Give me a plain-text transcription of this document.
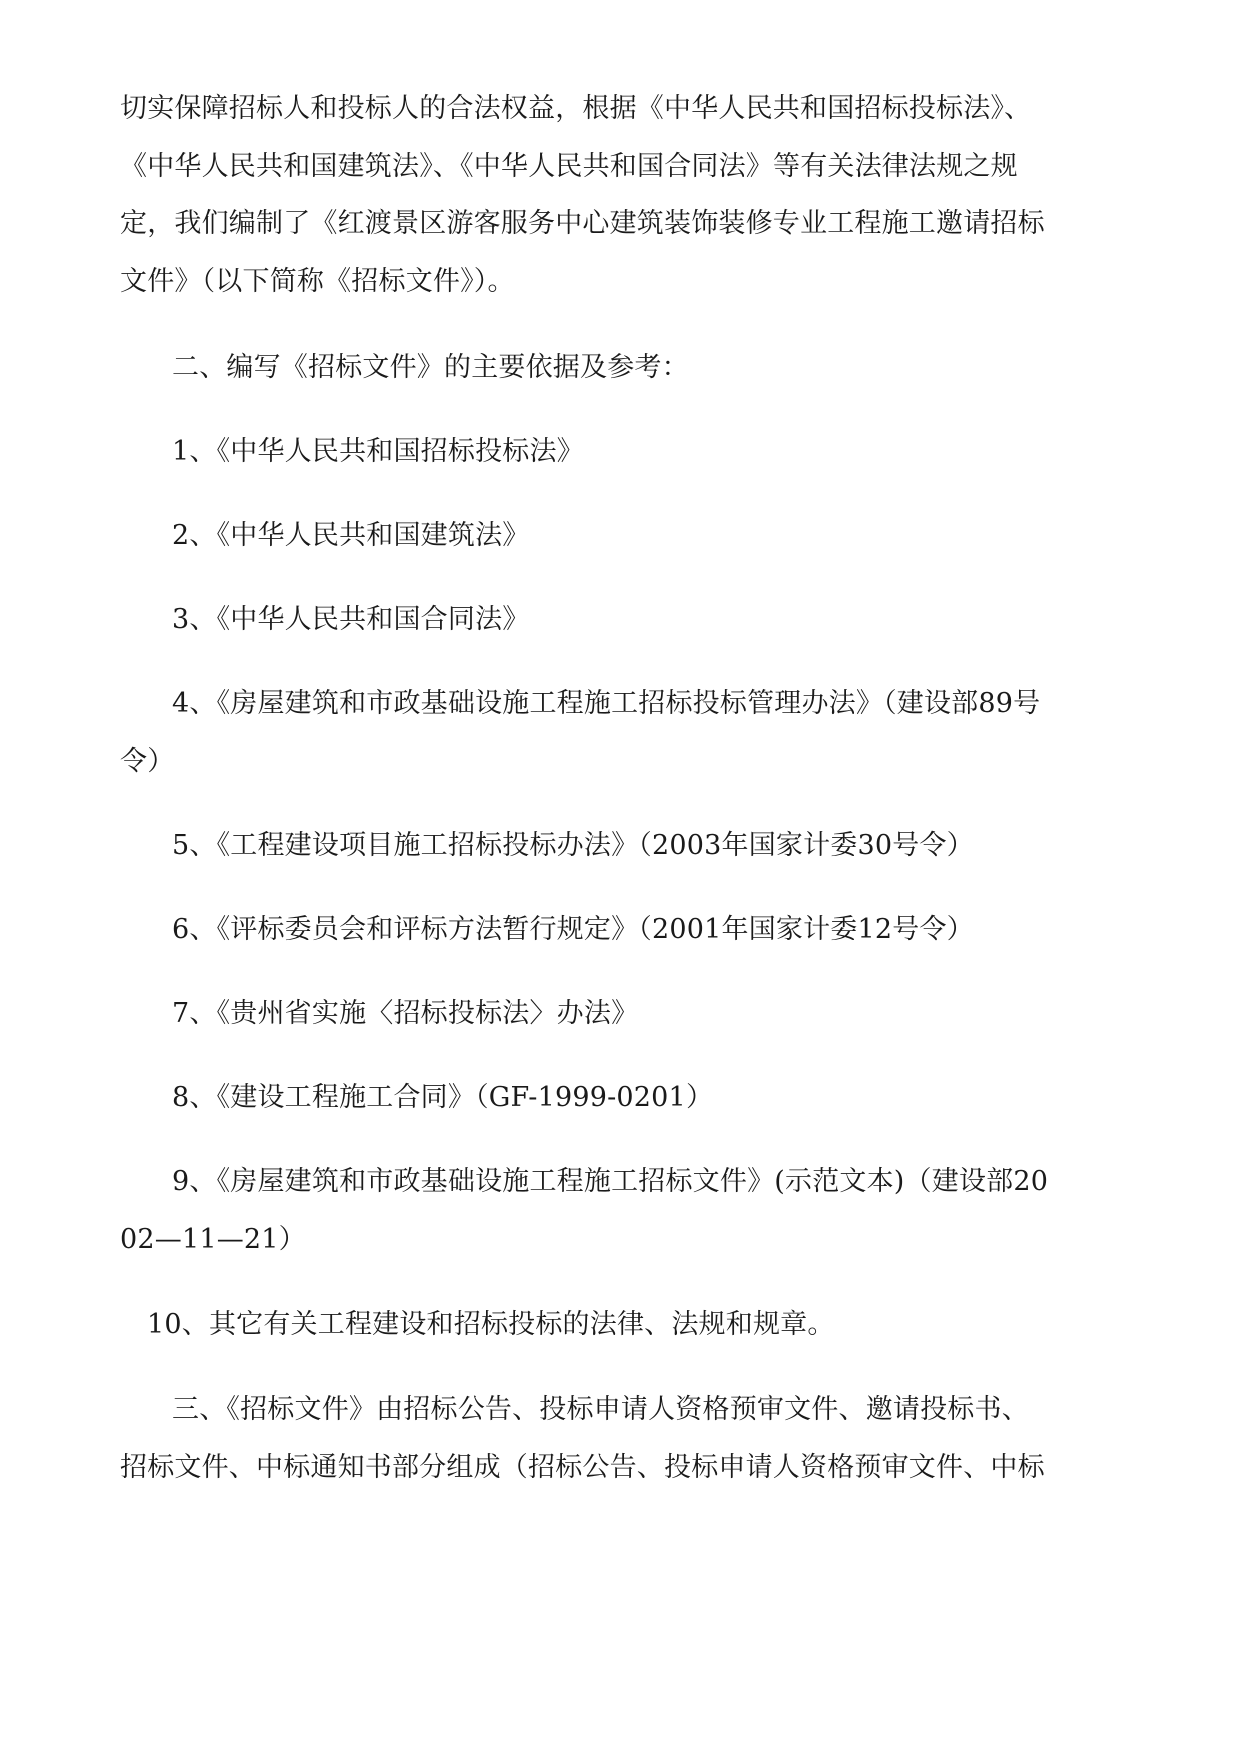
切实保障招标人和投标人的合法权益，根据《中华人民共和国招标投标法》、
《中华人民共和国建筑法》、《中华人民共和国合同法》等有关法律法规之规
定，我们编制了《红渡景区游客服务中心建筑装饰装修专业工程施工邀请招标
文件》（以下简称《招标文件》）。
二、编写《招标文件》的主要依据及参考：
1、《中华人民共和国招标投标法》
2、《中华人民共和国建筑法》
3、《中华人民共和国合同法》
4、《房屋建筑和市政基础设施工程施工招标投标管理办法》（建设部89号
令）
5、《工程建设项目施工招标投标办法》（2003年国家计委30号令）
6、《评标委员会和评标方法暂行规定》（2001年国家计委12号令）
7、《贵州省实施〈招标投标法〉办法》
8、《建设工程施工合同》（GF-1999-0201）
9、《房屋建筑和市政基础设施工程施工招标文件》(示范文本)（建设部20
02—11—21）
10、其它有关工程建设和招标投标的法律、法规和规章。
三、《招标文件》由招标公告、投标申请人资格预审文件、邀请投标书、
招标文件、中标通知书部分组成（招标公告、投标申请人资格预审文件、中标
